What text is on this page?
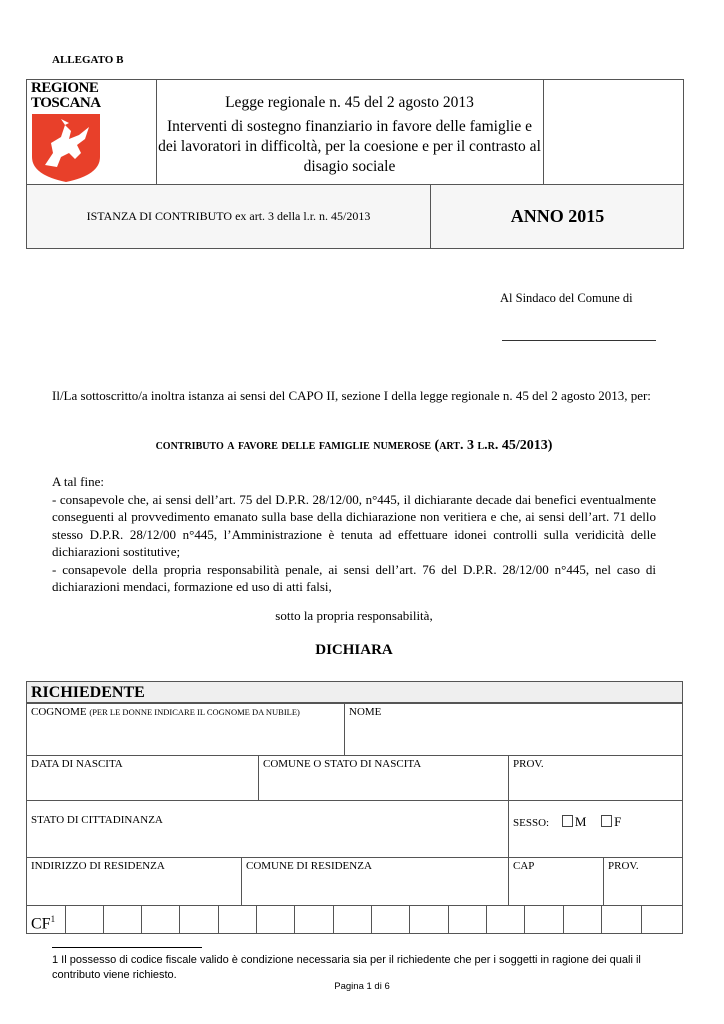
ALLEGATO B
REGIONE
TOSCANA	Legge regionale n. 45 del 2 agosto 2013
Interventi di sostegno finanziario in favore delle famiglie e dei lavoratori in difficoltà, per la coesione e per il contrasto al disagio sociale
ISTANZA DI CONTRIBUTO ex art. 3 della l.r. n. 45/2013	ANNO 2015
Al Sindaco del Comune di
Il/La sottoscritto/a inoltra istanza ai sensi del CAPO II, sezione I della legge regionale n. 45 del 2 agosto 2013, per:
contributo a favore delle famiglie numerose (art. 3 l.r. 45/2013)
A tal fine:
- consapevole che, ai sensi dell’art. 75 del D.P.R. 28/12/00, n°445, il dichiarante decade dai benefici eventualmente conseguenti al provvedimento emanato sulla base della dichiarazione non veritiera e che, ai sensi dell’art. 71 dello stesso D.P.R. 28/12/00 n°445, l’Amministrazione è tenuta ad effettuare idonei controlli sulla veridicità delle dichiarazioni sostitutive;
- consapevole della propria responsabilità penale, ai sensi dell’art. 76 del D.P.R. 28/12/00 n°445, nel caso di dichiarazioni mendaci, formazione ed uso di atti falsi,
sotto la propria responsabilità,
DICHIARA
RICHIEDENTE
COGNOME (PER LE DONNE INDICARE IL COGNOME DA NUBILE)	NOME
DATA DI NASCITA	COMUNE O STATO DI NASCITA	PROV.
STATO DI CITTADINANZA	SESSO: M F
INDIRIZZO DI RESIDENZA	COMUNE DI RESIDENZA	CAP	PROV.
$CF^1$
1 Il possesso di codice fiscale valido è condizione necessaria sia per il richiedente che per i soggetti in ragione dei quali il contributo viene richiesto.
Pagina 1 di 6
